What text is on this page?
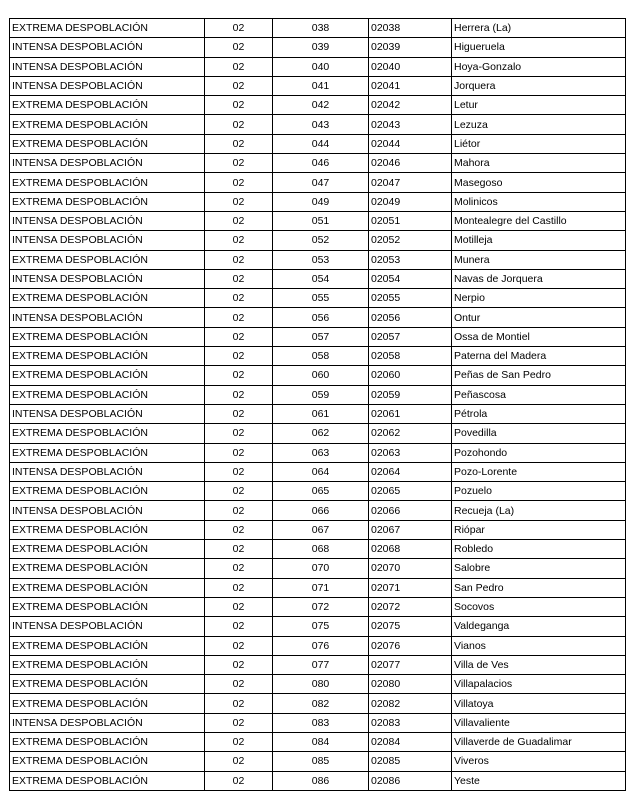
EXTREMA DESPOBLACIÓN	02	038	02038	Herrera (La)
INTENSA DESPOBLACIÓN	02	039	02039	Higueruela
INTENSA DESPOBLACIÓN	02	040	02040	Hoya-Gonzalo
INTENSA DESPOBLACIÓN	02	041	02041	Jorquera
EXTREMA DESPOBLACIÓN	02	042	02042	Letur
EXTREMA DESPOBLACIÓN	02	043	02043	Lezuza
EXTREMA DESPOBLACIÓN	02	044	02044	Liétor
INTENSA DESPOBLACIÓN	02	046	02046	Mahora
EXTREMA DESPOBLACIÓN	02	047	02047	Masegoso
EXTREMA DESPOBLACIÓN	02	049	02049	Molinicos
INTENSA DESPOBLACIÓN	02	051	02051	Montealegre del Castillo
INTENSA DESPOBLACIÓN	02	052	02052	Motilleja
EXTREMA DESPOBLACIÓN	02	053	02053	Munera
INTENSA DESPOBLACIÓN	02	054	02054	Navas de Jorquera
EXTREMA DESPOBLACIÓN	02	055	02055	Nerpio
INTENSA DESPOBLACIÓN	02	056	02056	Ontur
EXTREMA DESPOBLACIÓN	02	057	02057	Ossa de Montiel
EXTREMA DESPOBLACIÓN	02	058	02058	Paterna del Madera
EXTREMA DESPOBLACIÓN	02	060	02060	Peñas de San Pedro
EXTREMA DESPOBLACIÓN	02	059	02059	Peñascosa
INTENSA DESPOBLACIÓN	02	061	02061	Pétrola
EXTREMA DESPOBLACIÓN	02	062	02062	Povedilla
EXTREMA DESPOBLACIÓN	02	063	02063	Pozohondo
INTENSA DESPOBLACIÓN	02	064	02064	Pozo-Lorente
EXTREMA DESPOBLACIÓN	02	065	02065	Pozuelo
INTENSA DESPOBLACIÓN	02	066	02066	Recueja (La)
EXTREMA DESPOBLACIÓN	02	067	02067	Riópar
EXTREMA DESPOBLACIÓN	02	068	02068	Robledo
EXTREMA DESPOBLACIÓN	02	070	02070	Salobre
EXTREMA DESPOBLACIÓN	02	071	02071	San Pedro
EXTREMA DESPOBLACIÓN	02	072	02072	Socovos
INTENSA DESPOBLACIÓN	02	075	02075	Valdeganga
EXTREMA DESPOBLACIÓN	02	076	02076	Vianos
EXTREMA DESPOBLACIÓN	02	077	02077	Villa de Ves
EXTREMA DESPOBLACIÓN	02	080	02080	Villapalacios
EXTREMA DESPOBLACIÓN	02	082	02082	Villatoya
INTENSA DESPOBLACIÓN	02	083	02083	Villavaliente
EXTREMA DESPOBLACIÓN	02	084	02084	Villaverde de Guadalimar
EXTREMA DESPOBLACIÓN	02	085	02085	Viveros
EXTREMA DESPOBLACIÓN	02	086	02086	Yeste
